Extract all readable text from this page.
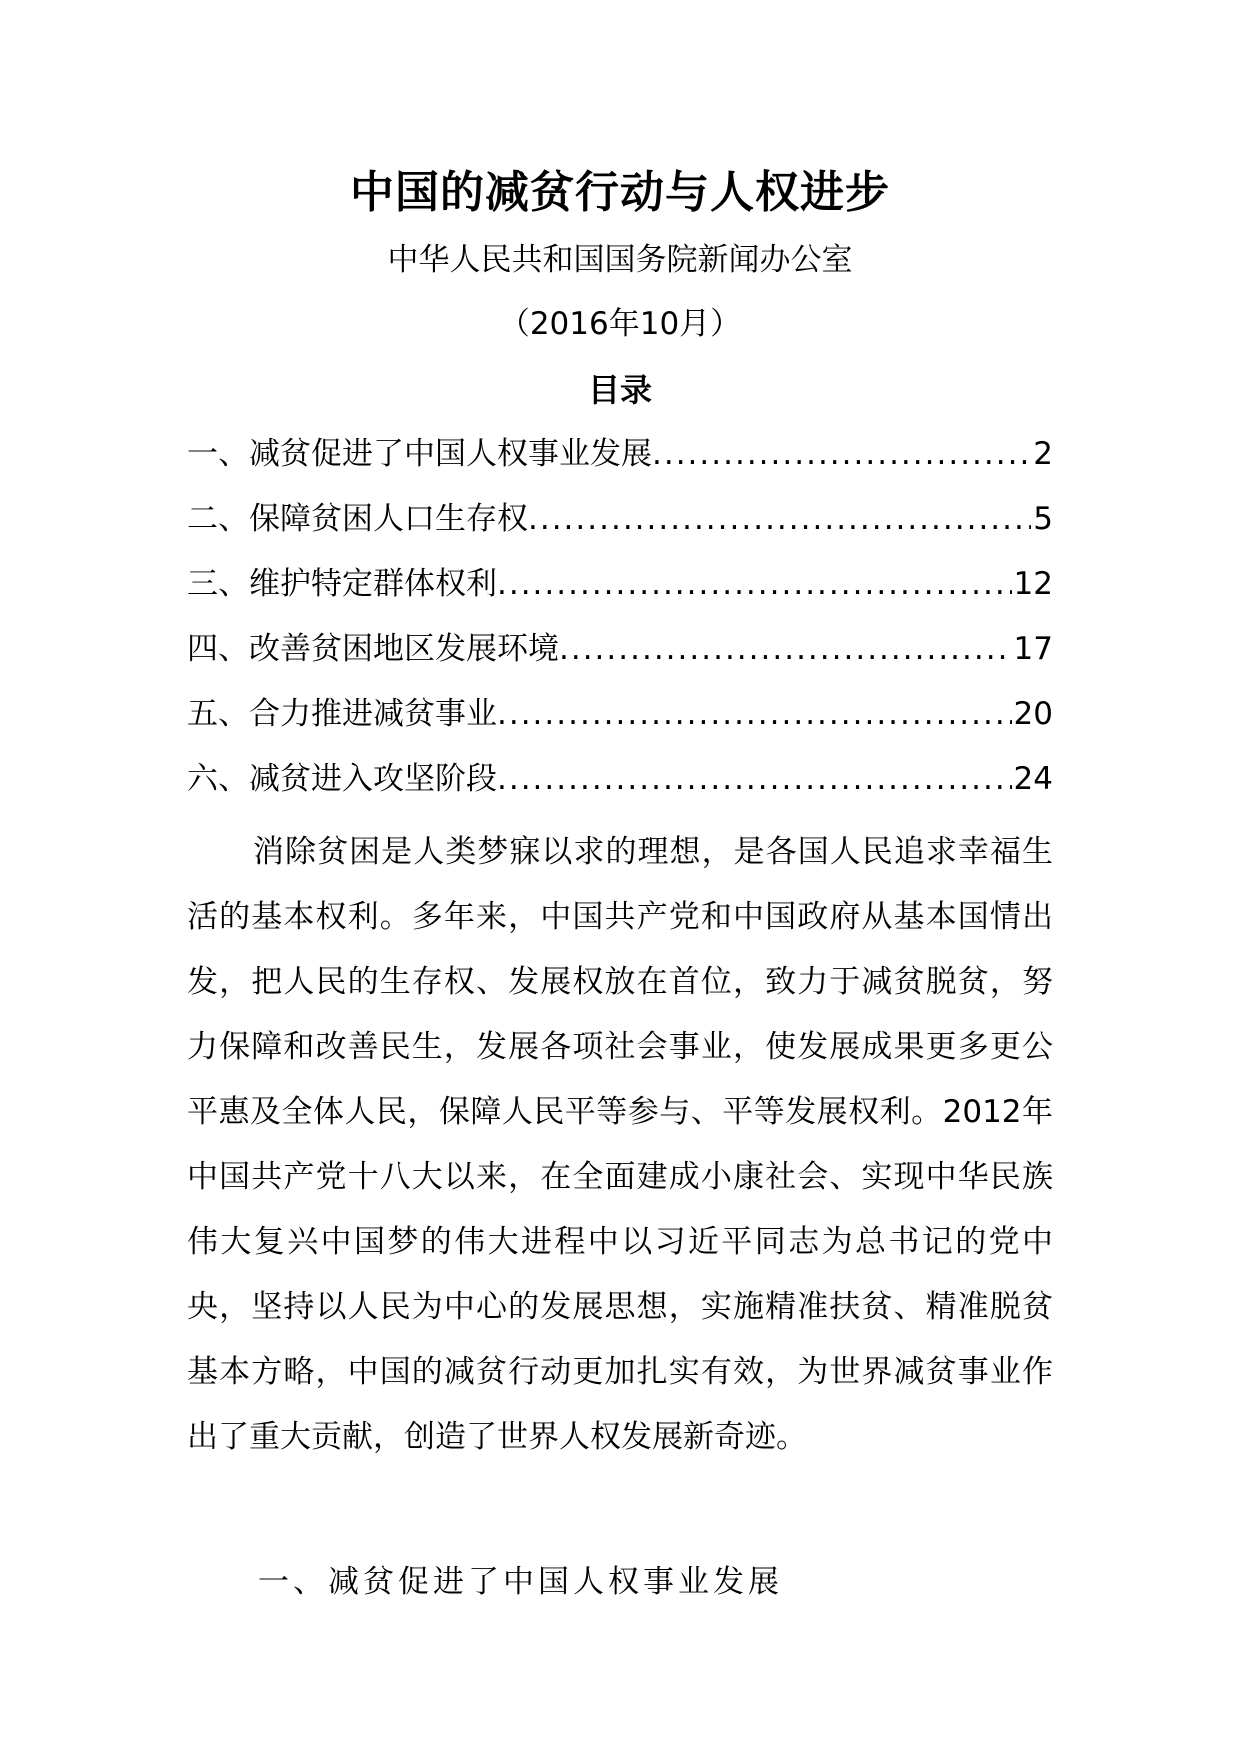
中国的减贫行动与人权进步
中华人民共和国国务院新闻办公室
（2016年10月）
目录
一、减贫促进了中国人权事业发展 .....	2
二、保障贫困人口生存权 .....	5
三、维护特定群体权利 .....	12
四、改善贫困地区发展环境 .....	17
五、合力推进减贫事业 .....	20
六、减贫进入攻坚阶段 .....	24

消除贫困是人类梦寐以求的理想，是各国人民追求幸福生活的基本权利。多年来，中国共产党和中国政府从基本国情出发，把人民的生存权、发展权放在首位，致力于减贫脱贫，努力保障和改善民生，发展各项社会事业，使发展成果更多更公平惠及全体人民，保障人民平等参与、平等发展权利。2012年中国共产党十八大以来，在全面建成小康社会、实现中华民族伟大复兴中国梦的伟大进程中以习近平同志为总书记的党中央，坚持以人民为中心的发展思想，实施精准扶贫、精准脱贫基本方略，中国的减贫行动更加扎实有效，为世界减贫事业作出了重大贡献，创造了世界人权发展新奇迹。

一、减贫促进了中国人权事业发展
